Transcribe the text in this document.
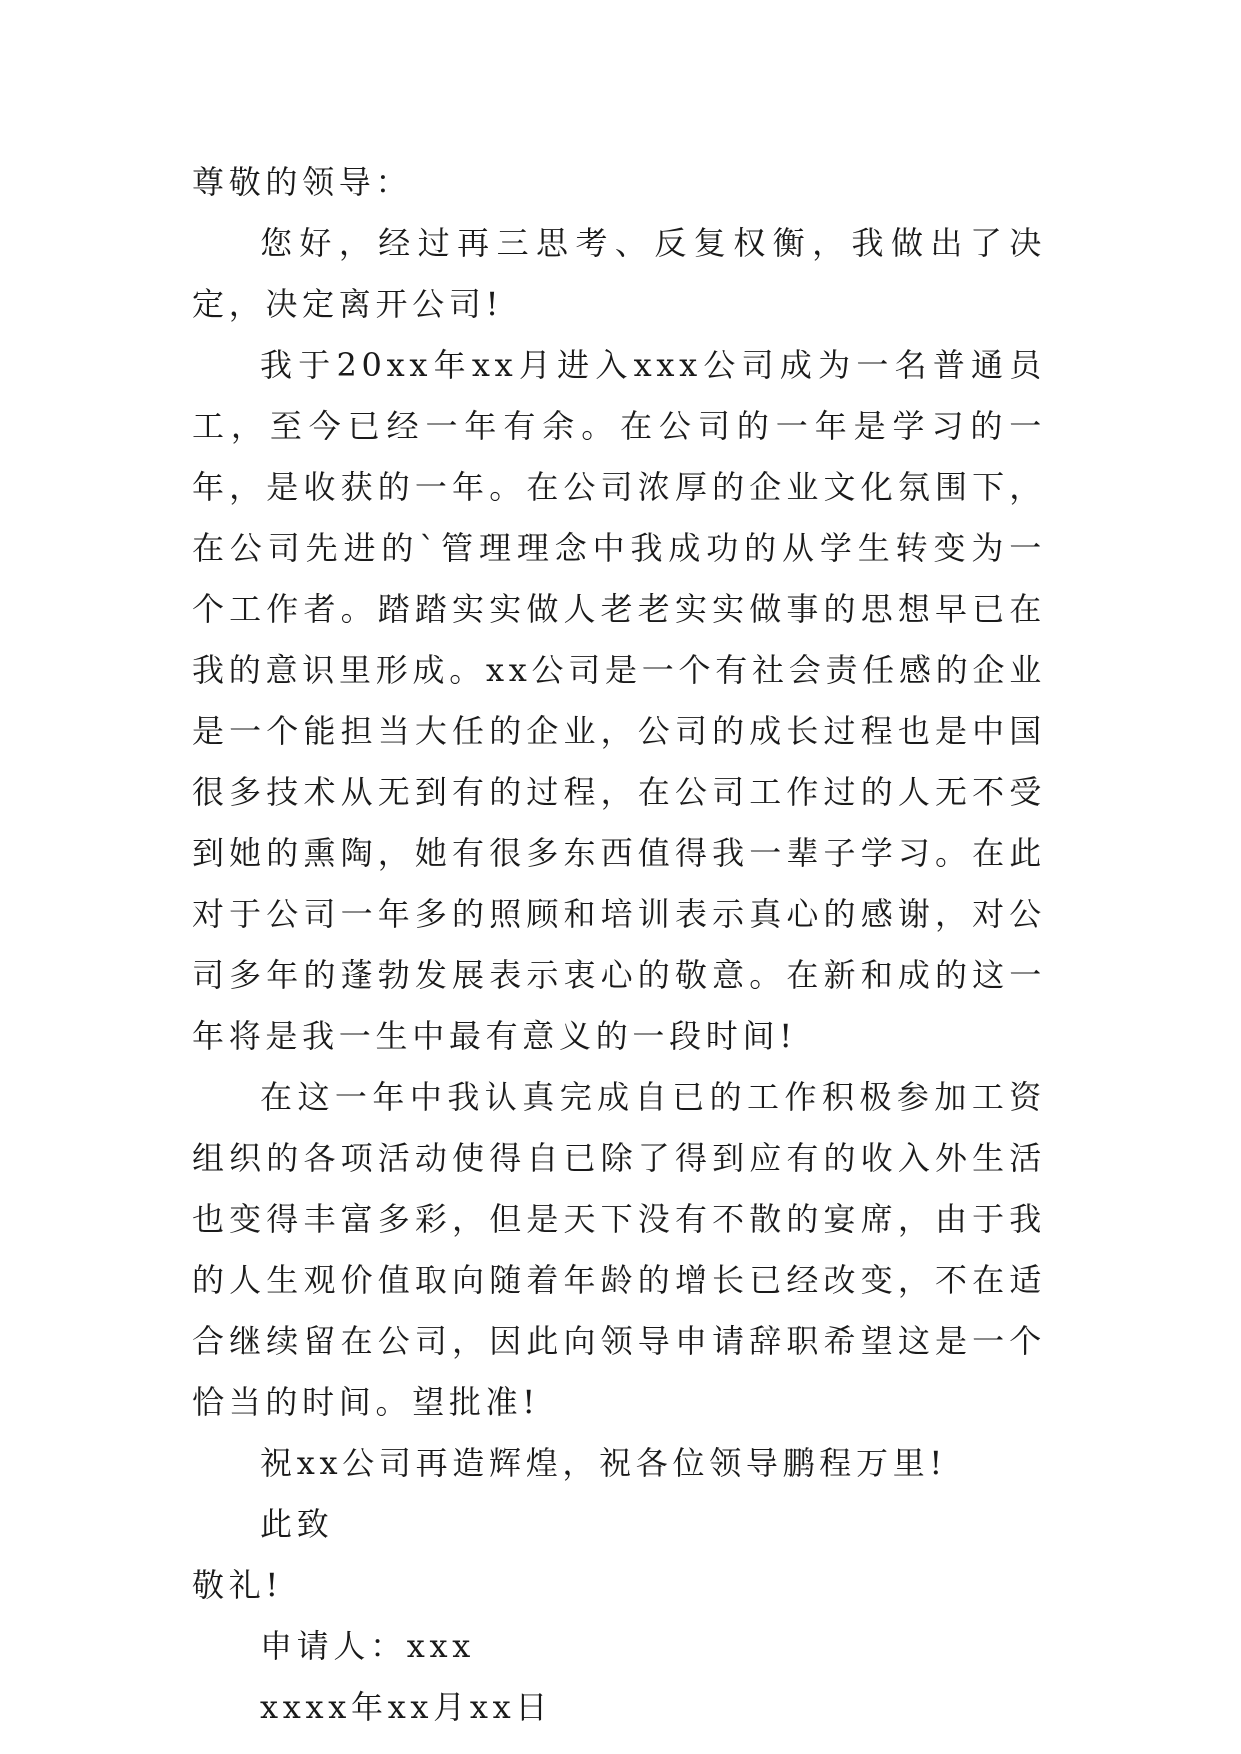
尊敬的领导：

您好，经过再三思考、反复权衡，我做出了决定，决定离开公司!

我于20xx年xx月进入xxx公司成为一名普通员工，至今已经一年有余。在公司的一年是学习的一年，是收获的一年。在公司浓厚的企业文化氛围下，在公司先进的`管理理念中我成功的从学生转变为一个工作者。踏踏实实做人老老实实做事的思想早已在我的意识里形成。xx公司是一个有社会责任感的企业是一个能担当大任的企业，公司的成长过程也是中国很多技术从无到有的过程，在公司工作过的人无不受到她的熏陶，她有很多东西值得我一辈子学习。在此对于公司一年多的照顾和培训表示真心的感谢，对公司多年的蓬勃发展表示衷心的敬意。在新和成的这一年将是我一生中最有意义的一段时间!

在这一年中我认真完成自已的工作积极参加工资组织的各项活动使得自已除了得到应有的收入外生活也变得丰富多彩，但是天下没有不散的宴席，由于我的人生观价值取向随着年龄的增长已经改变，不在适合继续留在公司，因此向领导申请辞职希望这是一个恰当的时间。望批准!

祝xx公司再造辉煌，祝各位领导鹏程万里!

此致

敬礼!

申请人：xxx

xxxx年xx月xx日
